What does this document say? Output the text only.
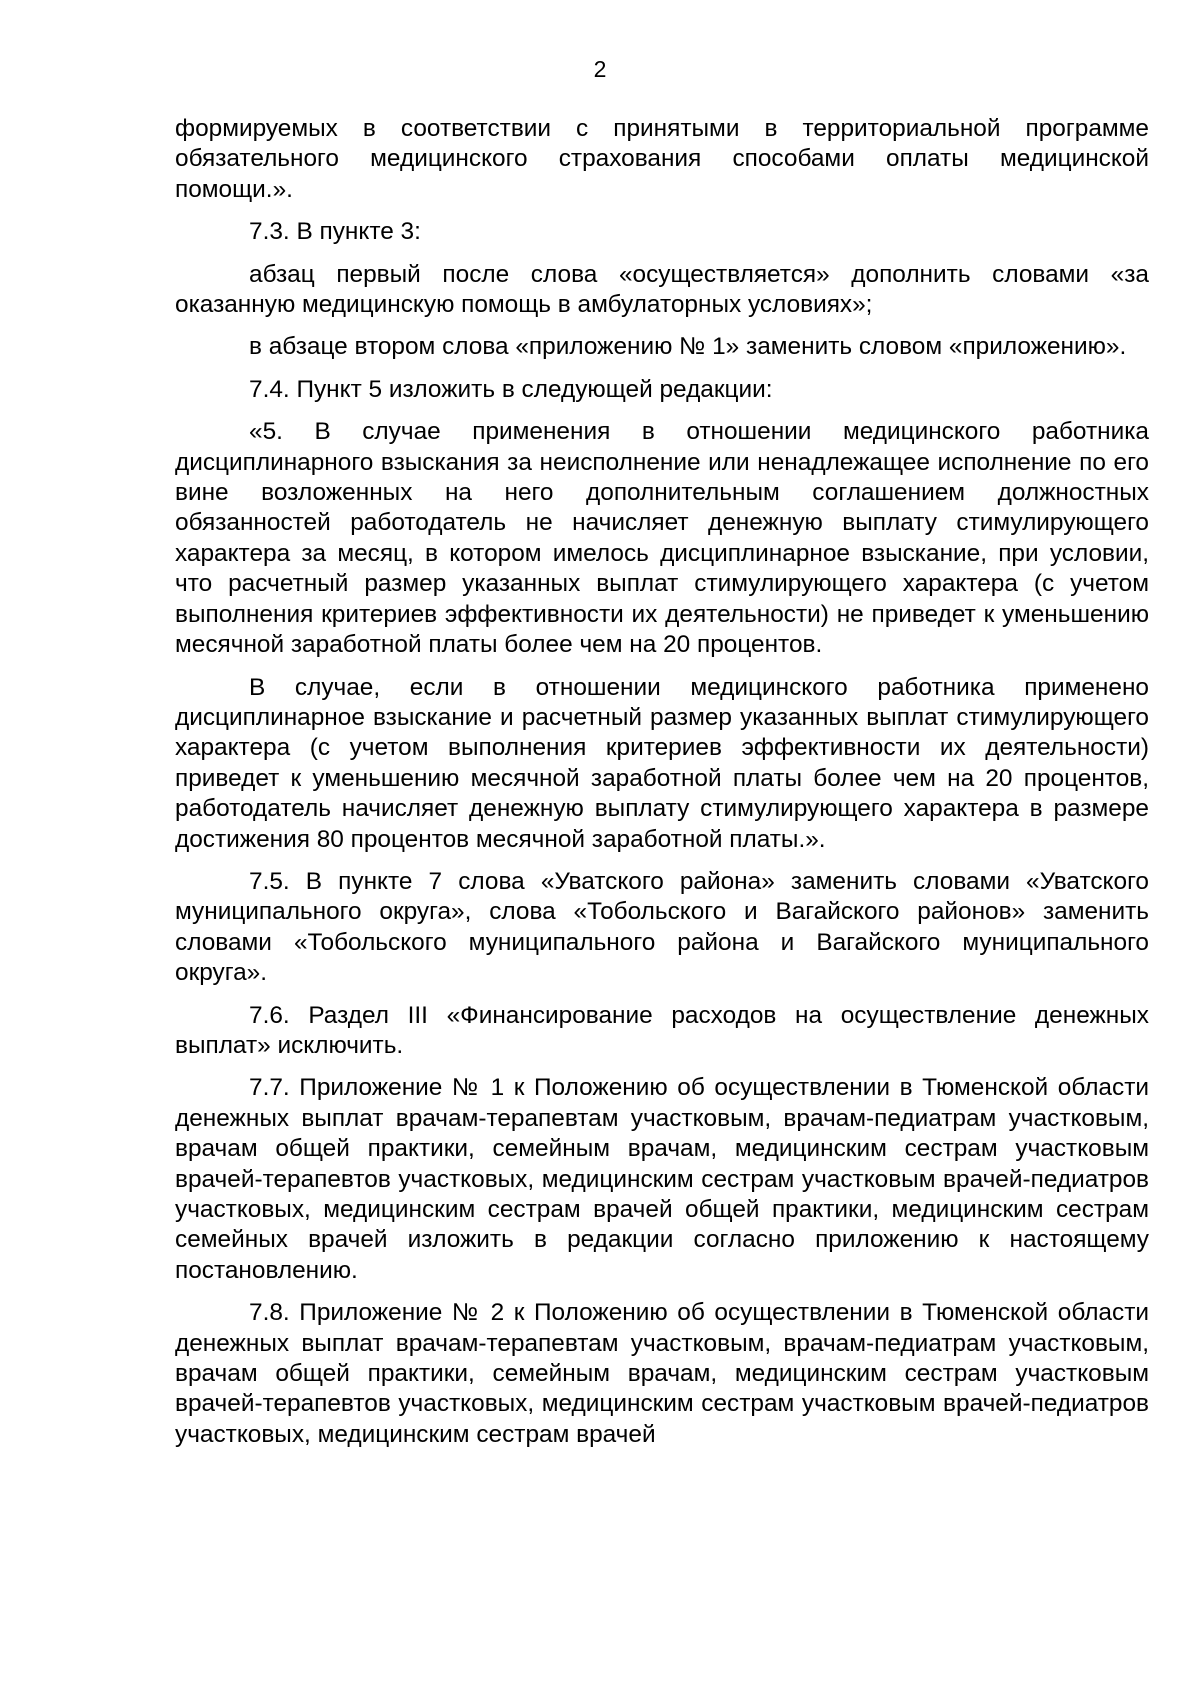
2

формируемых в соответствии с принятыми в территориальной программе обязательного медицинского страхования способами оплаты медицинской помощи.».

7.3. В пункте 3:

абзац первый после слова «осуществляется» дополнить словами «за оказанную медицинскую помощь в амбулаторных условиях»;

в абзаце втором слова «приложению № 1» заменить словом «приложению».

7.4. Пункт 5 изложить в следующей редакции:

«5. В случае применения в отношении медицинского работника дисциплинарного взыскания за неисполнение или ненадлежащее исполнение по его вине возложенных на него дополнительным соглашением должностных обязанностей работодатель не начисляет денежную выплату стимулирующего характера за месяц, в котором имелось дисциплинарное взыскание, при условии, что расчетный размер указанных выплат стимулирующего характера (с учетом выполнения критериев эффективности их деятельности) не приведет к уменьшению месячной заработной платы более чем на 20 процентов.

В случае, если в отношении медицинского работника применено дисциплинарное взыскание и расчетный размер указанных выплат стимулирующего характера (с учетом выполнения критериев эффективности их деятельности) приведет к уменьшению месячной заработной платы более чем на 20 процентов, работодатель начисляет денежную выплату стимулирующего характера в размере достижения 80 процентов месячной заработной платы.».

7.5. В пункте 7 слова «Уватского района» заменить словами «Уватского муниципального округа», слова «Тобольского и Вагайского районов» заменить словами «Тобольского муниципального района и Вагайского муниципального округа».

7.6. Раздел III «Финансирование расходов на осуществление денежных выплат» исключить.

7.7. Приложение № 1 к Положению об осуществлении в Тюменской области денежных выплат врачам-терапевтам участковым, врачам-педиатрам участковым, врачам общей практики, семейным врачам, медицинским сестрам участковым врачей-терапевтов участковых, медицинским сестрам участковым врачей-педиатров участковых, медицинским сестрам врачей общей практики, медицинским сестрам семейных врачей изложить в редакции согласно приложению к настоящему постановлению.

7.8. Приложение № 2 к Положению об осуществлении в Тюменской области денежных выплат врачам-терапевтам участковым, врачам-педиатрам участковым, врачам общей практики, семейным врачам, медицинским сестрам участковым врачей-терапевтов участковых, медицинским сестрам участковым врачей-педиатров участковых, медицинским сестрам врачей
